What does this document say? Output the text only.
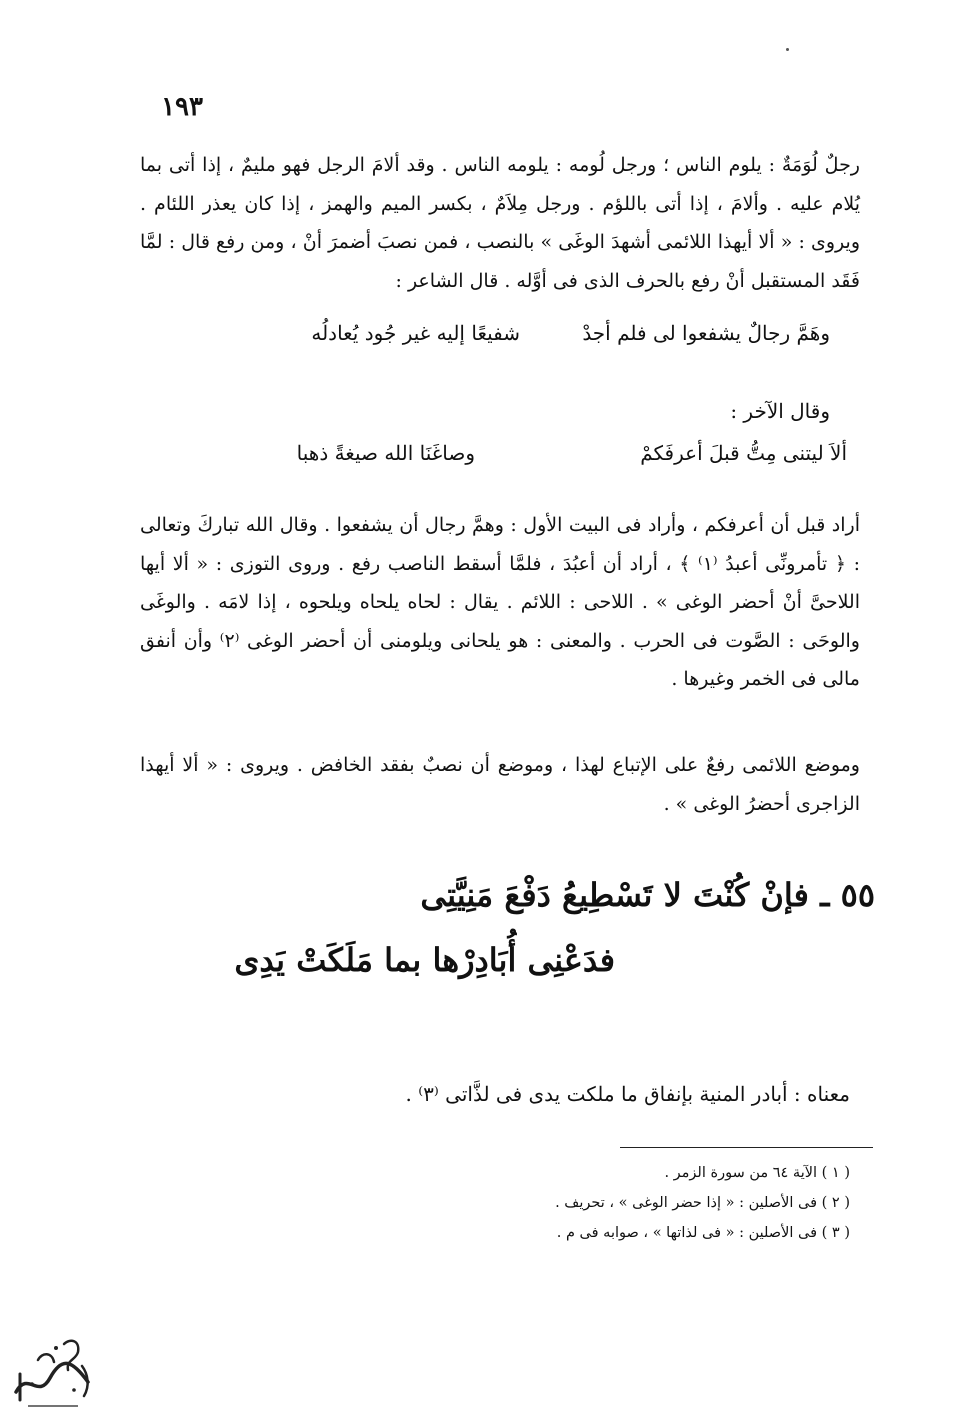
١٩٣
رجلٌ لُوَمَةٌ : يلوم الناس ؛ ورجل لُومه : يلومه الناس . وقد ألامَ الرجل فهو مليمٌ ، إذا أتى بما يُلام عليه . وألامَ ، إذا أتى باللؤم . ورجل مِلاَمٌ ، بكسر الميم والهمز ، إذا كان يعذر اللئام . ويروى : « ألا أيهذا اللائمى أشهدَ الوغَى » بالنصب ، فمن نصبَ أضمرَ أنْ ، ومن رفع قال : لمَّا فَقَد المستقبل أنْ رفع بالحرف الذى فى أوَّله . قال الشاعر :
وهَمَّ رجالٌ يشفعوا لى فلم أجدْ
شفيعًا إليه غير جُود يُعادلُه
وقال الآخر :
ألاَ ليتنى مِتُّ قبلَ أعرفَكمْ
وصاغَنَا الله صيغةً ذهبا
أراد قبل أن أعرفكم ، وأراد فى البيت الأول : وهمَّ رجال أن يشفعوا . وقال الله تباركَ وتعالى : ﴿ تأمرونِّى أعبدُ ⁽١⁾ ﴾ ، أراد أن أعبُدَ ، فلمَّا أسقط الناصب رفع . وروى التوزى : « ألا أيها اللاحىَّ أنْ أحضر الوغى » . اللاحى : اللائم . يقال : لحاه يلحاه ويلحوه ، إذا لامَه . والوغَى والوحَى : الصَّوت فى الحرب . والمعنى : هو يلحانى ويلومنى أن أحضر الوغى ⁽٢⁾ وأن أنفق مالى فى الخمر وغيرها .
وموضع اللائمى رفعٌ على الإتباع لهذا ، وموضع أن نصبٌ بفقد الخافض . ويروى : « ألا أيهذا الزاجرى أحضرُ الوغى » .
٥٥ ـ فإنْ كُنْتَ لا تَسْطِيعُ دَفْعَ مَنِيَّتِى
فدَعْنِى أُبَادِرْها بما مَلَكَتْ يَدِى
معناه : أبادر المنية بإنفاق ما ملكت يدى فى لذَّاتى ⁽٣⁾ .
( ١ ) الآية ٦٤ من سورة الزمر .
( ٢ ) فى الأصلين : « إذا حضر الوغى » ، تحريف .
( ٣ ) فى الأصلين : « فى لذاتها » ، صوابه فى م .
